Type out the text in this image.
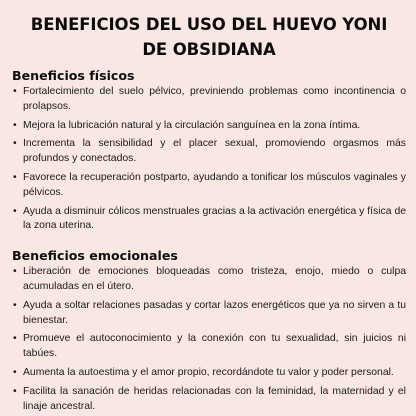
BENEFICIOS DEL USO DEL HUEVO YONI DE OBSIDIANA
Beneficios físicos
• Fortalecimiento del suelo pélvico, previniendo problemas como incontinencia o prolapsos.
• Mejora la lubricación natural y la circulación sanguínea en la zona íntima.
• Incrementa la sensibilidad y el placer sexual, promoviendo orgasmos más profundos y conectados.
• Favorece la recuperación postparto, ayudando a tonificar los músculos vaginales y pélvicos.
• Ayuda a disminuir cólicos menstruales gracias a la activación energética y física de la zona uterina.
Beneficios emocionales
• Liberación de emociones bloqueadas como tristeza, enojo, miedo o culpa acumuladas en el útero.
• Ayuda a soltar relaciones pasadas y cortar lazos energéticos que ya no sirven a tu bienestar.
• Promueve el autoconocimiento y la conexión con tu sexualidad, sin juicios ni tabúes.
• Aumenta la autoestima y el amor propio, recordándote tu valor y poder personal.
• Facilita la sanación de heridas relacionadas con la feminidad, la maternidad y el linaje ancestral.
